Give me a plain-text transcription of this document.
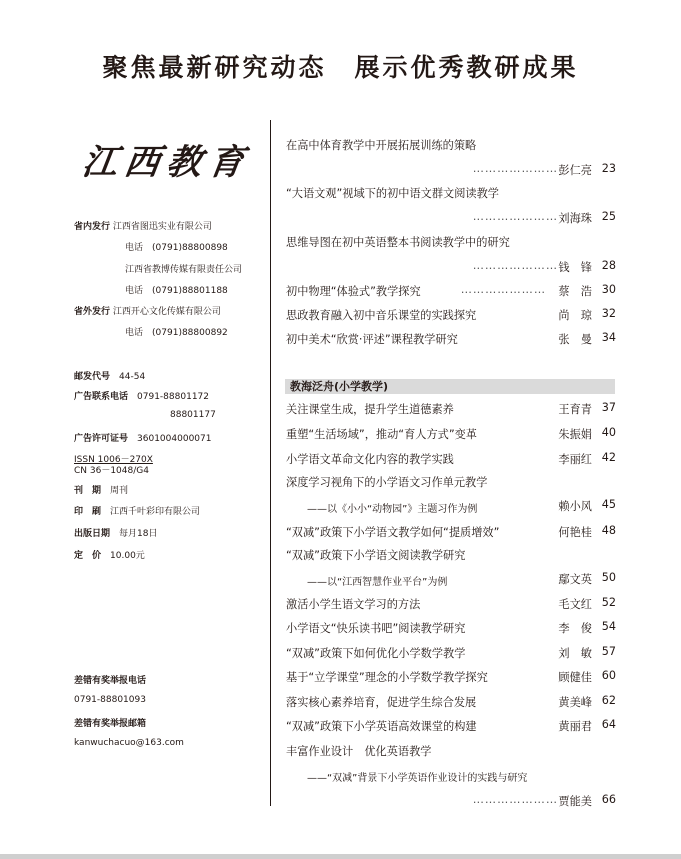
聚焦最新研究动态　展示优秀教研成果
江西教育
省内发行 江西省图迅实业有限公司
电话　 (0791)88800898
江西省教博传媒有限责任公司
电话　 (0791)88801188
省外发行 江西开心文化传媒有限公司
电话　 (0791)88800892
邮发代号　 44-54
广告联系电话　 0791-88801172
88801177
广告许可证号　 3601004000071
ISSN 1006－270X
CN 36－1048/G4
刊　期　 周刊
印　刷　 江西千叶彩印有限公司
出版日期　 每月18日
定　价　 10.00元
差错有奖举报电话
0791-88801093
差错有奖举报邮箱
kanwuchacuo@163.com
教海泛舟(小学教学)
在高中体育教学中开展拓展训练的策略
………………… 彭仁亮 23
“大语文观”视域下的初中语文群文阅读教学
………………… 刘海珠 25
思维导图在初中英语整本书阅读教学中的研究
………………… 钱　锋 28
初中物理“体验式”教学探究	………………… 蔡　浩 30
思政教育融入初中音乐课堂的实践探究	尚　琼 32
初中美术“欣赏·评述”课程教学研究	张　曼 34
关注课堂生成，提升学生道德素养	王育青 37
重塑“生活场域”，推动“育人方式”变革	朱振娟 40
小学语文革命文化内容的教学实践	李丽红 42
深度学习视角下的小学语文习作单元教学
——以《小小“动物园”》主题习作为例	赖小风 45
“双减”政策下小学语文教学如何“提质增效”	何艳桂 48
“双减”政策下小学语文阅读教学研究
——以“江西智慧作业平台”为例	鄢文英 50
激活小学生语文学习的方法	毛文红 52
小学语文“快乐读书吧”阅读教学研究	李　俊 54
“双减”政策下如何优化小学数学教学	刘　敏 57
基于“立学课堂”理念的小学数学教学探究	顾健佳 60
落实核心素养培育，促进学生综合发展	黄美峰 62
“双减”政策下小学英语高效课堂的构建	黄丽君 64
丰富作业设计　优化英语教学
——“双减”背景下小学英语作业设计的实践与研究
………………… 贾能美 66
